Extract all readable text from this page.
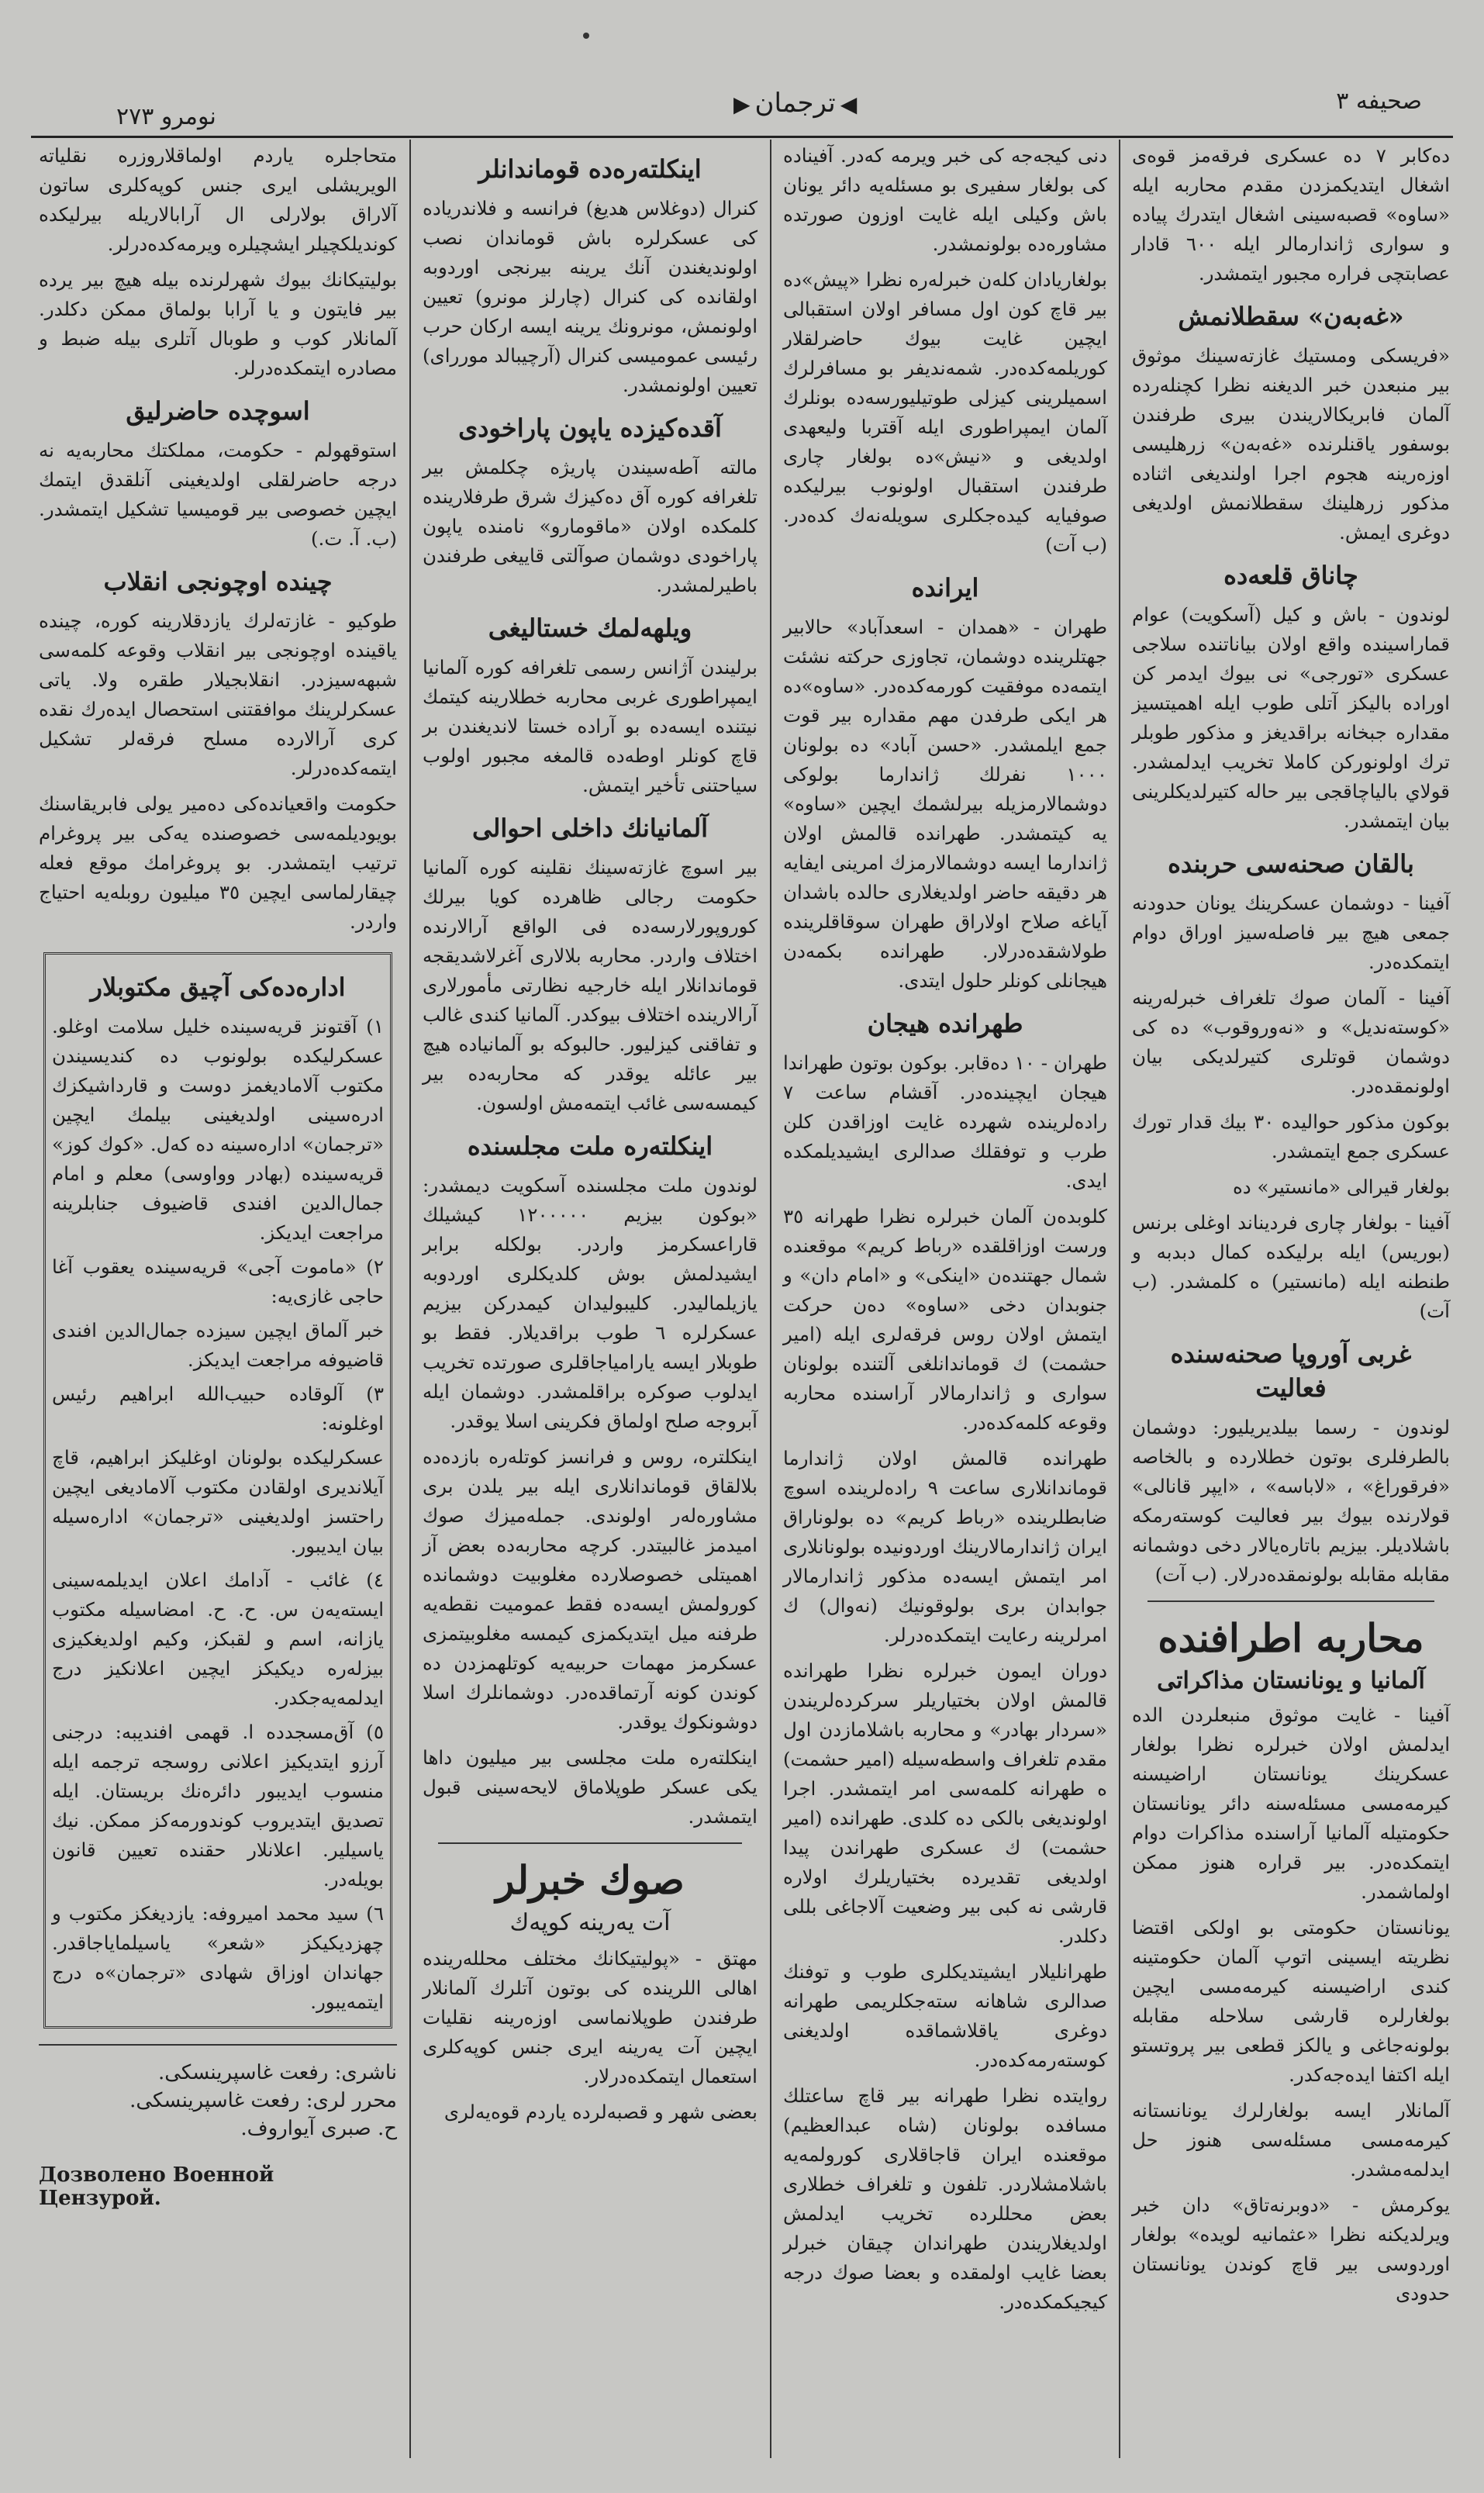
نومرو ٢٧٣	◀ترجمان▶	صحیفه ٣

دەكابر ٧ دە عسكری فرقەمز قوەی اشغال ایتدیكمزدن مقدم محاربە ایلە «ساوە» قصبەسینی اشغال ایتدرك پیادە و سواری ژاندارمالر ایلە ٦٠٠ قادار عصابتچی فراره مجبور ایتمشدر.

«غەبەن» سقطلانمش

«فریسكی ومستیك غازتەسینك موثوق بیر منبعدن خبر الدیغنە نظرا كچنلەرده آلمان فابریكالاریندن بیری طرفندن بوسفور یاقنلرندە «غەبەن» زرهلیسی اوزەرینە هجوم اجرا اولندیغی اثنادە مذكور زرهلینك سقطلانمش اولدیغی دوغری ایمش.

چاناق قلعەدە

لوندون - باش و كیل (آسكویت) عوام قماراسیندە واقع اولان بیاناتنده سلاجی عسكری «تورجی» نی بیوك ایدمر كن اوراده بالیكز آتلی طوب ایلە اهمیتسیز مقداره جبخانە براقدیغز و مذكور طوبلر ترك اولونوركن كاملا تخریب ایدلمشدر. قولاي بالیاچاقجی بیر حالە كتیرلدیكلرینی بیان ایتمشدر.

بالقان صحنەسی حربندە

آفینا - دوشمان عسكرینك یونان حدودنە جمعی هیچ بیر فاصلەسیز اوراق دوام ایتمكدەدر.

آفینا - آلمان صوك تلغراف خبرلەرینە «كوستەندیل» و «نەوروقوب» دە كی دوشمان قوتلری كتیرلدیكی بیان اولونمقدەدر.

بوكون مذكور حوالیدە ٣٠ بیك قدار تورك عسكری جمع ایتمشدر.

بولغار قیرالی «مانستیر» دە

آفینا - بولغار چاری فردیناند اوغلی برنس (بوریس) ایلە برلیكده كمال دبدبه و طنطنە ایلە (مانستیر) ە كلمشدر. (ب آت)

غربی آوروپا صحنەسندە فعالیت

لوندون - رسما بیلدیریلیور: دوشمان بالطرفلری بوتون خطلارده و بالخاصە «فرقوراغ» ، «لاباسە» ، «ایپر قانالی» قولارنده بیوك بیر فعالیت كوستەرمكە باشلادیلر. بیزیم باتارەیالار دخی دوشمانە مقابلە مقابلە بولونمقدەدرلار. (ب آت)

محاربە اطرافندە
آلمانیا و یونانستان مذاكراتی

آفینا - غایت موثوق منبعلردن الدە ایدلمش اولان خبرلره نظرا بولغار عسكرینك یونانستان اراضیسنه كیرمەمسی مسئلەسنه دائر یونانستان حكومتیلە آلمانیا آراسنده مذاكرات دوام ایتمكدەدر. بیر قراره هنوز ممكن اولماشمدر.

یونانستان حكومتی بو اولكی اقتضا نظریتە ایسینی اتوپ آلمان حكومتینه كندی اراضیسنه كیرمەمسی ایچین بولغارلره قارشی سلاحلە مقابلە بولونەجاغی و یالكز قطعی بیر پروتستو ایلە اكتفا ایدەجەكدر.

آلمانلار ایسە بولغارلرك یونانستانە كیرمەمسی مسئلەسی هنوز حل ایدلمەمشدر.

یوكرمش - «دوبرنەتاق» دان خبر ویرلدیكنه نظرا «عثمانیه لویدە» بولغار اوردوسی بیر قاچ كوندن یونانستان حدودی

دنی كیجەجە كی خبر ویرمە كەدر. آفیناده كی بولغار سفیری بو مسئلەیە دائر یونان باش وكیلی ایلە غایت اوزون صورتده مشاورەده بولونمشدر.

بولغاریادان كلەن خبرلەره نظرا «پیش»دە بیر قاچ كون اول مسافر اولان استقبالی ایچین غایت بیوك حاضرلقلار كوریلمەكدەدر. شمەندیفر بو مسافرلرك اسمیلرینی كیزلی طوتیلیورسەده بونلرك آلمان ایمپراطوری ایلە آقتربا ولیعهدی اولدیغی و «نیش»دە بولغار چاری طرفندن استقبال اولونوب بیرلیكده صوفیایە كیدەجكلری سویلەنەك كدەدر. (ب آت)

ایراندە

طهران - «همدان - اسعدآباد» حالابیر جهتلرینده دوشمان، تجاوزی حركتە نشئت ایتمەده موفقیت كورمەكدەدر. «ساوه»ده هر ایكی طرفدن مهم مقداره بیر قوت جمع ایلمشدر. «حسن آباد» ده بولونان ١٠٠٠ نفرلك ژاندارما بولوكی دوشمالارمزیله بیرلشمك ایچین «ساوه» یه كیتمشدر. طهراندە قالمش اولان ژاندارما ایسه دوشمالارمزك امرینی ایفایە هر دقیقە حاضر اولدیغلاری حالده باشدان آیاغە صلاح اولاراق طهران سوقاقلرینده طولاشقدەدرلار. طهرانده بكمەدن هیجانلی كونلر حلول ایتدی.

طهراندە هیجان

طهران - ١٠ دەقابر. بوكون بوتون طهراندا هیجان ایچیندەدر. آقشام ساعت ٧ رادەلرینده شهرده غایت اوزاقدن كلن طرب و توفقلك صدالری ایشیدیلمكدە ایدی.

كلوبدەن آلمان خبرلره نظرا طهرانە ٣٥ ورست اوزاقلقدە «رباط كریم» موقعنده شمال جهتندەن «اینكی» و «امام دان» و جنوبدان دخی «ساوه» دەن حركت ایتمش اولان روس فرقەلری ایلە (امیر حشمت) ك قوماندانلغی آلتنده بولونان سواری و ژاندارمالار آراسندە محاربە وقوعه كلمەكدەدر.

طهرانده قالمش اولان ژاندارما قوماندانلاری ساعت ٩ رادەلرینده اسوچ ضابطلرینده «رباط كریم» دە بولوناراق ایران ژاندارمالارینك اوردونیدە بولونانلاری امر ایتمش ایسه‌ده مذكور ژاندارمالار جوابدان بری بولوقونیك (نەوال) ك امرلرینە رعایت ایتمكدەدرلر.

دوران ایمون خبرلره نظرا طهرانده قالمش اولان بختیاریلر سركردەلریندن «سردار بهادر» و محاربه باشلامازدن اول مقدم تلغراف واسطەسیلە (امیر حشمت) ه طهرانه كلمەسی امر ایتمشدر. اجرا اولوندیغی بالكی ده كلدی. طهرانده (امیر حشمت) ك عسكری طهراندن پیدا اولدیغی تقدیرده بختیاریلرك اولاره قارشی نه كبی بیر وضعیت آلاجاغی بللی دكلدر.

طهرانلیلار ایشیتدیكلری طوب و توفنك صدالری شاهانه ستەجكلریمی طهرانه دوغری یاقلاشماقده اولدیغنی كوستەرمەكدەدر.

روایتده نظرا طهرانه بیر قاچ ساعتلك مسافده بولونان (شاه عبدالعظیم) موقعنده ایران قاجاقلاری كورولمەیە باشلامشلاردر. تلفون و تلغراف خطلاری بعض محللرده تخریب ایدلمش اولدیغلاریندن طهراندان چیقان خبرلر بعضا غایب اولمقده و بعضا صوك درجه كیجیكمكدەدر.

اینكلتەرەدە قوماندانلر

كنرال (دوغلاس هدیغ) فرانسە و فلاندریاده كی عسكرلرە باش قوماندان نصب اولوندیغندن آنك یرینە بیرنجی اوردوبە اولقاندە كی كنرال (چارلز مونرو) تعیین اولونمش، مونرونك یرینه ایسە ارکان حرب رئیسی عمومیسی كنرال (آرچیبالد موررای) تعیین اولونمشدر.

آقدەكیزدە یاپون پاراخودی

مالتە آطەسیندن پاریژە چكلمش بیر تلغرافه كوره آق دەكیزك شرق طرفلارینده كلمكده اولان «ماقومارو» نامنده یاپون پاراخودی دوشمان صوآلتی قاییغی طرفندن باطیرلمشدر.

ویلهەلمك خستالیغی

برلیندن آژانس رسمی تلغرافه كوره آلمانیا ایمپراطوری غربی محاربە خطلارینه كیتمك نیتنده ایسه‌ده بو آراده خستا لاندیغندن بر قاچ كونلر اوطەده قالمغه مجبور اولوب سیاحتنی تأخیر ایتمش.

آلمانیانك داخلی احوالی

بیر اسوچ غازتەسینك نقلینە كوره آلمانیا حكومت رجالی ظاهرده كویا بیرلك كوروپورلارسەده فی الواقع آرالارنده اختلاف واردر. محاربه بلالاری آغرلاشدیقجە قوماندانلار ایلە خارجیە نظارتی مأمورلاری آرالارینده اختلاف بیوكدر. آلمانیا كندی غالب و تفاقنی كیزلیور. حالبوكە بو آلمانیاده هیچ بیر عائلە یوقدر كه محاربەدە بیر كیمسەسی غائب ایتمەمش اولسون.

اینكلتەرە ملت مجلسندە

لوندون ملت مجلسندە آسكویت دیمشدر: «بوكون بیزیم ١٢٠٠٠٠٠ كیشیلك قاراعسكرمز واردر. بولكله برابر ایشیدلمش بوش كلدیكلری اوردوبە یازیلمالیدر. كلیبولیدان كیمدركن بیزیم عسكرلره ٦ طوب براقدیلار. فقط بو طوبلار ایسه یارامیاجاقلری صورتده تخریب ایدلوب صوكرە براقلمشدر. دوشمان ایلە آبروجه صلح اولماق فكرینی اسلا یوقدر.

اینكلتره، روس و فرانسز كوتلەره بازدەده بلالقاق قوماندانلاری ایلە بیر یلدن بری مشاورەلەر اولوندی. جملەمیزك صوك امیدمز غالبیتدر. كرچه محاربەده بعض آز اهمیتلی خصوصلاردە مغلوبیت دوشمانده كورولمش ایسەده فقط عمومیت نقطەیه طرفنه میل ایتدیكمزی كیمسە مغلوبیتمزی عسكرمز مهمات حربیەیه كوتلهمزدن ده كوندن كونه آرتماقدەدر. دوشمانلرك اسلا دوشونكوك یوقدر.

اینكلتەرە ملت مجلسی بیر میلیون داها یكی عسكر طوپلاماق لایحەسینی قبول ایتمشدر.

صوك خبرلر
آت یەرینە كوپەك

مهتق - «پولیتیكانك مختلف محللەرینده اهالی اللرینده كی بوتون آتلرك آلمانلار طرفندن طوپلانماسی اوزەرینە نقلیات ایچین آت یەرینە ایری جنس كوپەكلری استعمال ایتمكدەدرلار.

بعضی شهر و قصبەلردە یاردم قوەیەلری

متحاجلره یاردم اولماقلاروزره نقلیاتە الویریشلی ایری جنس كوپەكلری ساتون آلاراق بولارلی ال آرابالاریلە بیرلیكده كوندیلكچیلر ایشچیلره ویرمەكدەدرلر.

بولیتیكانك بیوك شهرلرنده بیله هیچ بیر یرده بیر فایتون و یا آرابا بولماق ممكن دكلدر. آلمانلار كوب و طوبال آتلری بیله ضبط و مصادره ایتمكدەدرلر.

اسوچدە حاضرلیق

استوقهولم - حكومت، مملكتك محاربەیه نه درجه حاضرلقلی اولدیغینی آنلقدق ایتمك ایچین خصوصی بیر قومیسیا تشكیل ایتمشدر. (ب. آ. ت.)

چیندە اوچونجی انقلاب

طوكیو - غازتەلرك یازدقلارینە كوره، چیندە یاقیندە اوچونجی بیر انقلاب وقوعە كلمەسی شبهەسیزدر. انقلابجیلار طقره ولا. یاتی عسكرلرینك موافقتنی استحصال ایدەرك نقده كری آرالارده مسلح فرقەلر تشكیل ایتمەكدەدرلر.

حكومت واقعیاندەكی دەمیر یولی فابریقاسنك بویودیلمەسی خصوصندە یه‌كی بیر پروغرام ترتیب ایتمشدر. بو پروغرامك موقع فعلە چیقارلماسی ایچین ٣٥ میلیون روبلەیە احتیاج واردر.

ادارەدەكی آچیق مكتوبلار

١) آقتونز قریەسیندە خلیل سلامت اوغلو. عسكرلیكدە بولونوب ده كندیسیندن مكتوب آلامادیغمز دوست و قارداشیكزك ادرەسینی اولدیغینی بیلمك ایچین «ترجمان» ادارەسینە ده كەل. «كوك كوز» قریەسینده (بهادر وواوسی) معلم و امام جمال‌الدین افندی قاضیوف جنابلرینە مراجعت ایدیكز.

٢) «ماموت آجی» قریەسیندە یعقوب آغا حاجی غازی‌یە:

خبر آلماق ایچین سیزدە جمال‌الدین افندی قاضیوفە مراجعت ایدیكز.

٣) آلوقادە حبیب‌الله ابراهیم رئیس اوغلونە:

عسكرلیكدە بولونان اوغلیكز ابراهیم، قاچ آیلاندیری اولقادن مكتوب آلامادیغی ایچین راحتسز اولدیغینی «ترجمان» ادارەسیلە بیان ایدیبور.

٤) غائب - آدامك اعلان ایدیلمەسینی ایستەیەن س. ح. ح. امضاسیلە مكتوب یازانە، اسم و لقبكز، وكیم اولدیغكیزی بیزلەرە دیكیكز ایچین اعلانكیز درج ایدلمەیەجكدر.

٥) آق‌مسجدده ا. قهمی افندیبە: درجنی آرزو ایتدیكیز اعلانی روسجه ترجمە ایلە منسوب ایدیبور دائرەنك بریستان. ایلە تصدیق ایتدیروب كوندورمەكز ممكن. نیك یاسیلیر. اعلانلار حقندە تعیین قانون بویلەدر.

٦) سید محمد امیروفە: یازدیغكز مكتوب و چهزدیكیكز «شعر» یاسیلمایاجاقدر. جهاندان اوزاق شهادی «ترجمان»ە درج ایتمەیبور.

ناشری: رفعت غاسپرینسكی.
محرر لری: رفعت غاسپرینسكی.
ح. صبری آیواروف.
Дозволено Военной Цензурой.
